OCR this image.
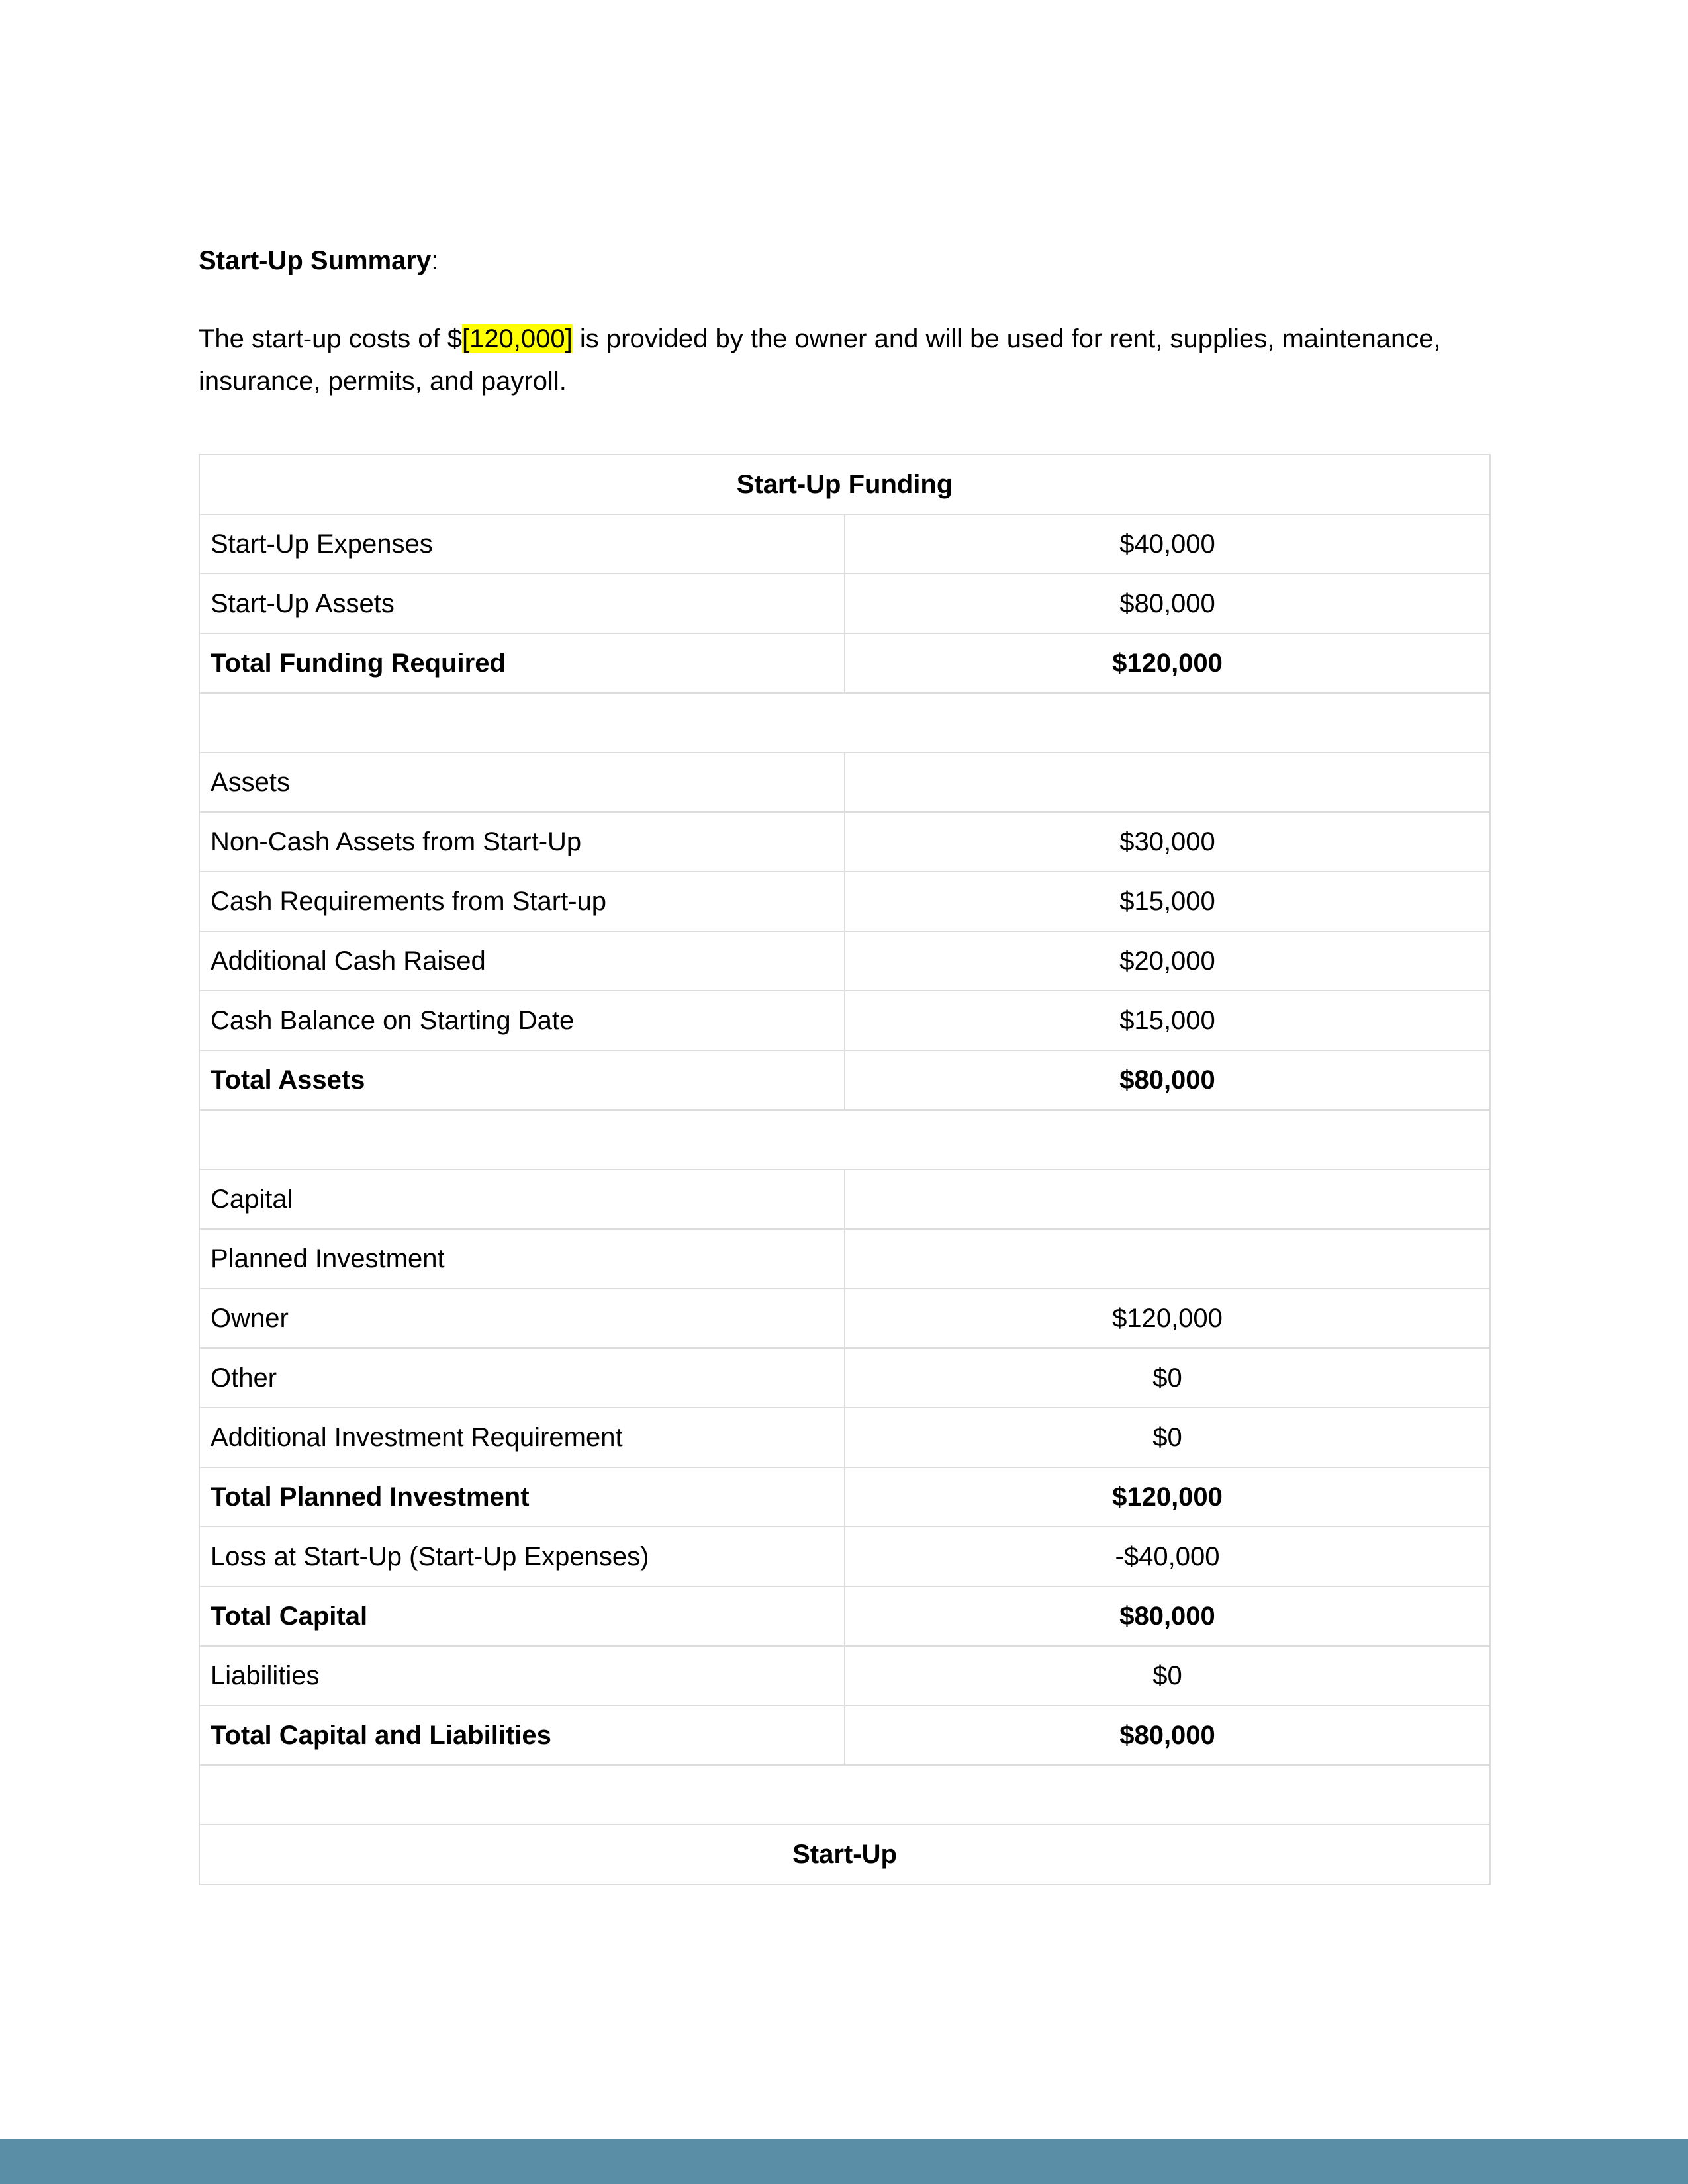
Start-Up Summary:

The start-up costs of $[120,000] is provided by the owner and will be used for rent, supplies, maintenance, insurance, permits, and payroll.

Start-Up Funding	
Start-Up Expenses	$40,000
Start-Up Assets	$80,000
Total Funding Required	$120,000

Assets	
Non-Cash Assets from Start-Up	$30,000
Cash Requirements from Start-up	$15,000
Additional Cash Raised	$20,000
Cash Balance on Starting Date	$15,000
Total Assets	$80,000

Capital	
Planned Investment	
Owner	$120,000
Other	$0
Additional Investment Requirement	$0
Total Planned Investment	$120,000
Loss at Start-Up (Start-Up Expenses)	-$40,000
Total Capital	$80,000
Liabilities	$0
Total Capital and Liabilities	$80,000

Start-Up	
